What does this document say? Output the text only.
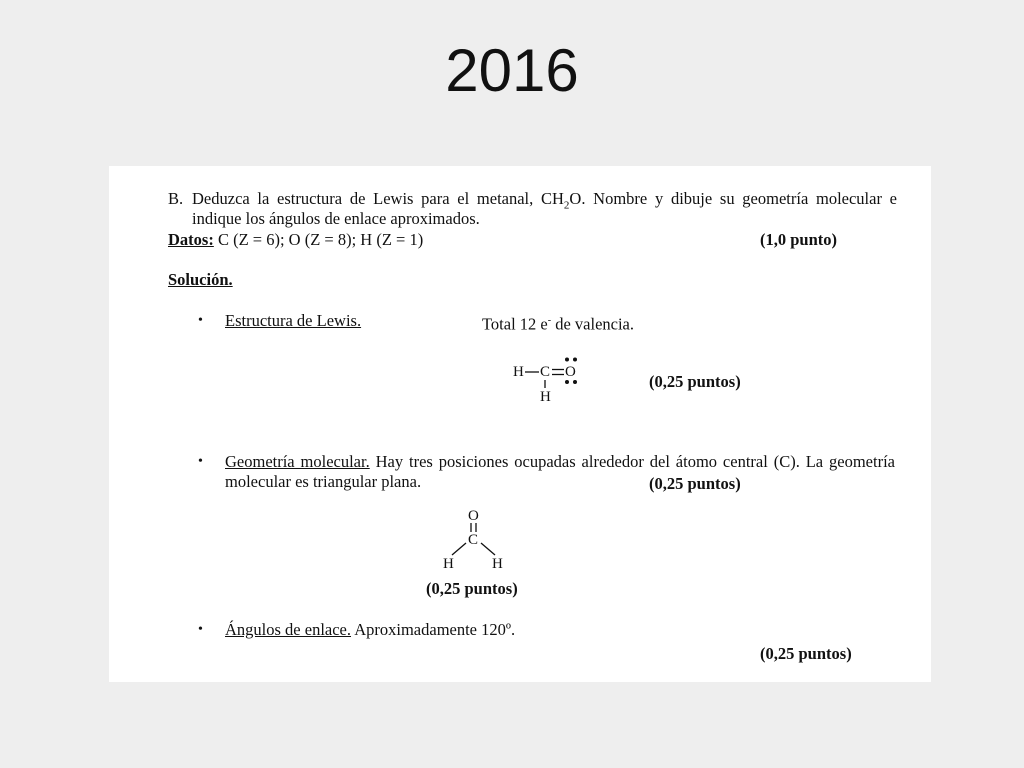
2016
B. Deduzca la estructura de Lewis para el metanal, $CH_2O$. Nombre y dibuje su geometría molecular e
indique los ángulos de enlace aproximados.
Datos: C (Z = 6); O (Z = 8); H (Z = 1)	(1,0 punto)
Solución.
• Estructura de Lewis.	Total 12 e- de valencia.
H C O
H
(0,25 puntos)
• Geometría molecular. Hay tres posiciones ocupadas alrededor del átomo central (C). La geometría molecular es triangular plana.	(0,25 puntos)
O
C
H	H
(0,25 puntos)
• Ángulos de enlace. Aproximadamente 120º.
(0,25 puntos)
